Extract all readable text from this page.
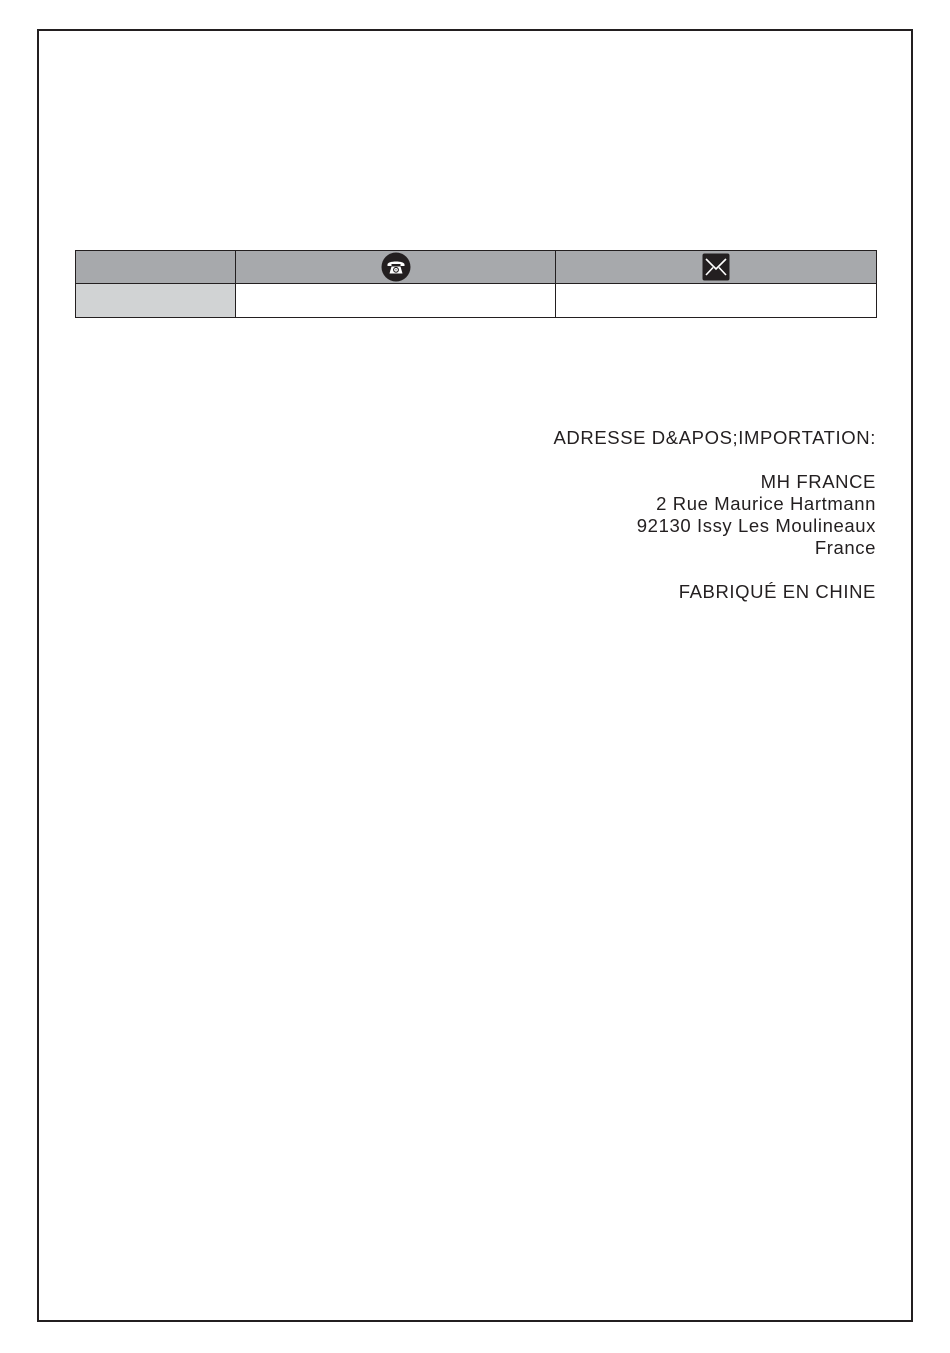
ADRESSE D&APOS;IMPORTATION:

MH FRANCE

2 Rue Maurice Hartmann

92130 Issy Les Moulineaux

France

FABRIQUÉ EN CHINE
